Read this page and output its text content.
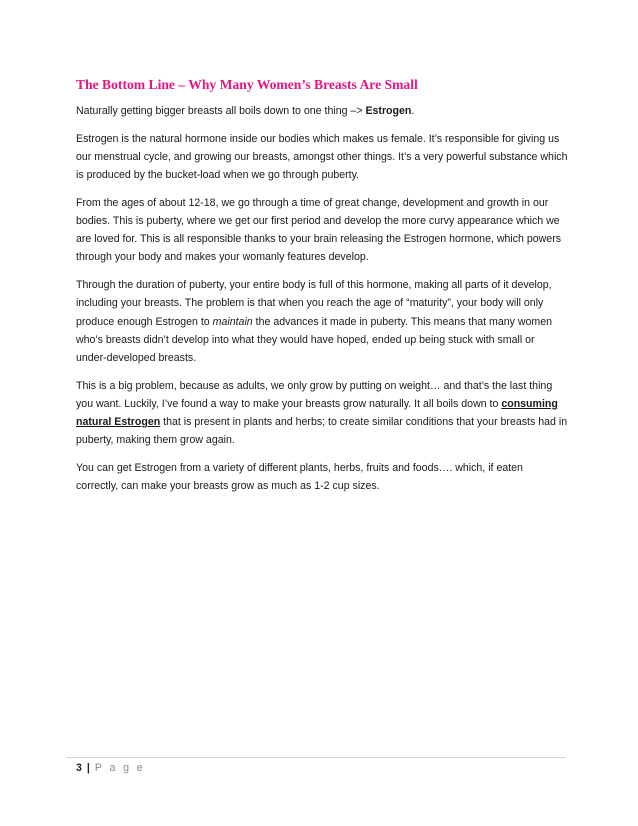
The Bottom Line – Why Many Women’s Breasts Are Small

Naturally getting bigger breasts all boils down to one thing –> Estrogen.

Estrogen is the natural hormone inside our bodies which makes us female. It’s responsible for giving us our menstrual cycle, and growing our breasts, amongst other things. It’s a very powerful substance which is produced by the bucket-load when we go through puberty.

From the ages of about 12-18, we go through a time of great change, development and growth in our bodies. This is puberty, where we get our first period and develop the more curvy appearance which we are loved for. This is all responsible thanks to your brain releasing the Estrogen hormone, which powers through your body and makes your womanly features develop.

Through the duration of puberty, your entire body is full of this hormone, making all parts of it develop, including your breasts. The problem is that when you reach the age of “maturity”, your body will only produce enough Estrogen to maintain the advances it made in puberty. This means that many women who’s breasts didn’t develop into what they would have hoped, ended up being stuck with small or under-developed breasts.

This is a big problem, because as adults, we only grow by putting on weight… and that’s the last thing you want. Luckily, I’ve found a way to make your breasts grow naturally. It all boils down to consuming natural Estrogen that is present in plants and herbs; to create similar conditions that your breasts had in puberty, making them grow again.

You can get Estrogen from a variety of different plants, herbs, fruits and foods…. which, if eaten correctly, can make your breasts grow as much as 1-2 cup sizes.

3 | P a g e
